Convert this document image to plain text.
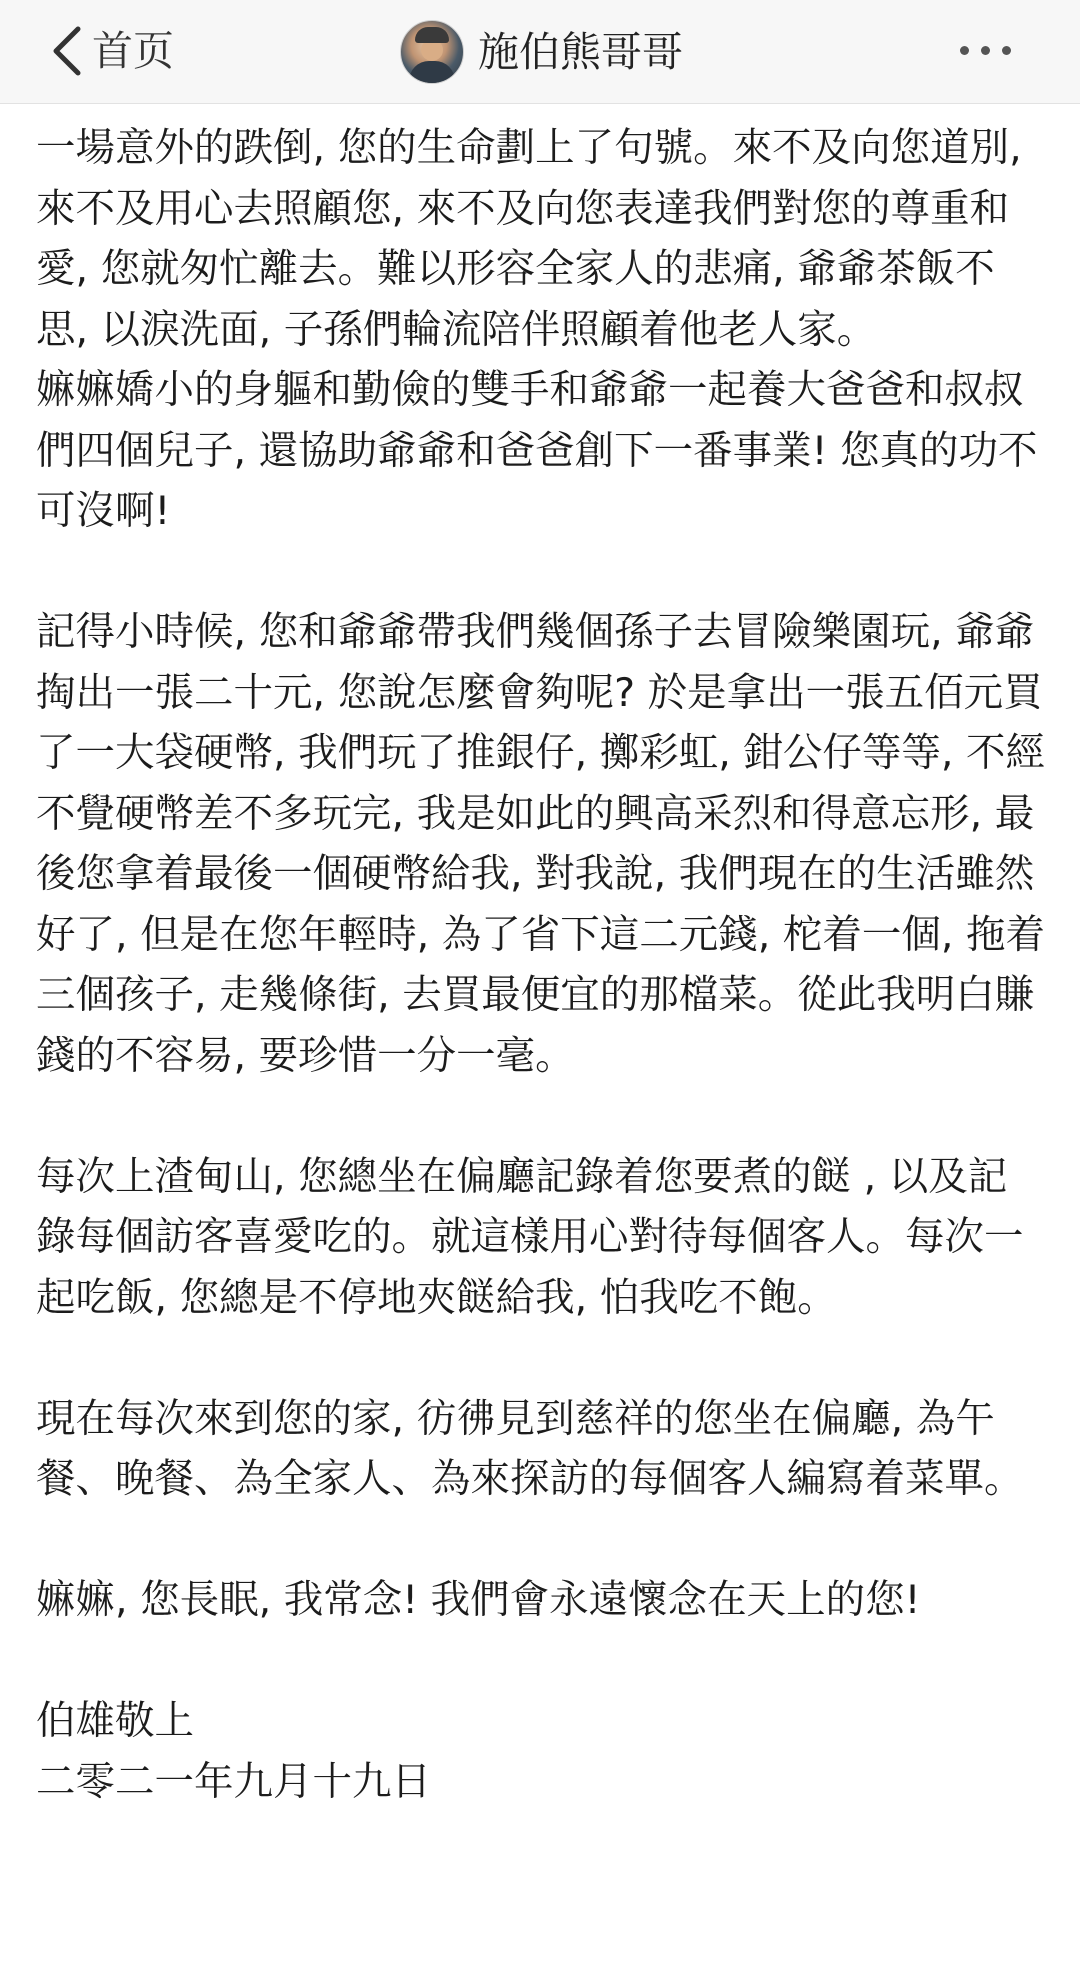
首页	施伯熊哥哥

一場意外的跌倒, 您的生命劃上了句號。來不及向您道別, 來不及用心去照顧您, 來不及向您表達我們對您的尊重和愛, 您就匆忙離去。難以形容全家人的悲痛, 爺爺茶飯不思, 以淚洗面, 子孫們輪流陪伴照顧着他老人家。

嫲嫲嬌小的身軀和勤儉的雙手和爺爺一起養大爸爸和叔叔們四個兒子, 還協助爺爺和爸爸創下一番事業! 您真的功不可沒啊!

記得小時候, 您和爺爺帶我們幾個孫子去冒險樂園玩, 爺爺掏出一張二十元, 您說怎麼會夠呢? 於是拿出一張五佰元買了一大袋硬幣, 我們玩了推銀仔, 擲彩虹, 鉗公仔等等, 不經不覺硬幣差不多玩完, 我是如此的興高采烈和得意忘形, 最後您拿着最後一個硬幣給我, 對我說, 我們現在的生活雖然好了, 但是在您年輕時, 為了省下這二元錢, 柁着一個, 拖着三個孩子, 走幾條街, 去買最便宜的那檔菜。從此我明白賺錢的不容易, 要珍惜一分一毫。

每次上渣甸山, 您總坐在偏廳記錄着您要煮的餸 , 以及記錄每個訪客喜愛吃的。就這樣用心對待每個客人。每次一起吃飯, 您總是不停地夾餸給我, 怕我吃不飽。

現在每次來到您的家, 彷彿見到慈祥的您坐在偏廳, 為午餐、晚餐、為全家人、為來探訪的每個客人編寫着菜單。

嫲嫲, 您長眠, 我常念! 我們會永遠懷念在天上的您!

伯雄敬上

二零二一年九月十九日
